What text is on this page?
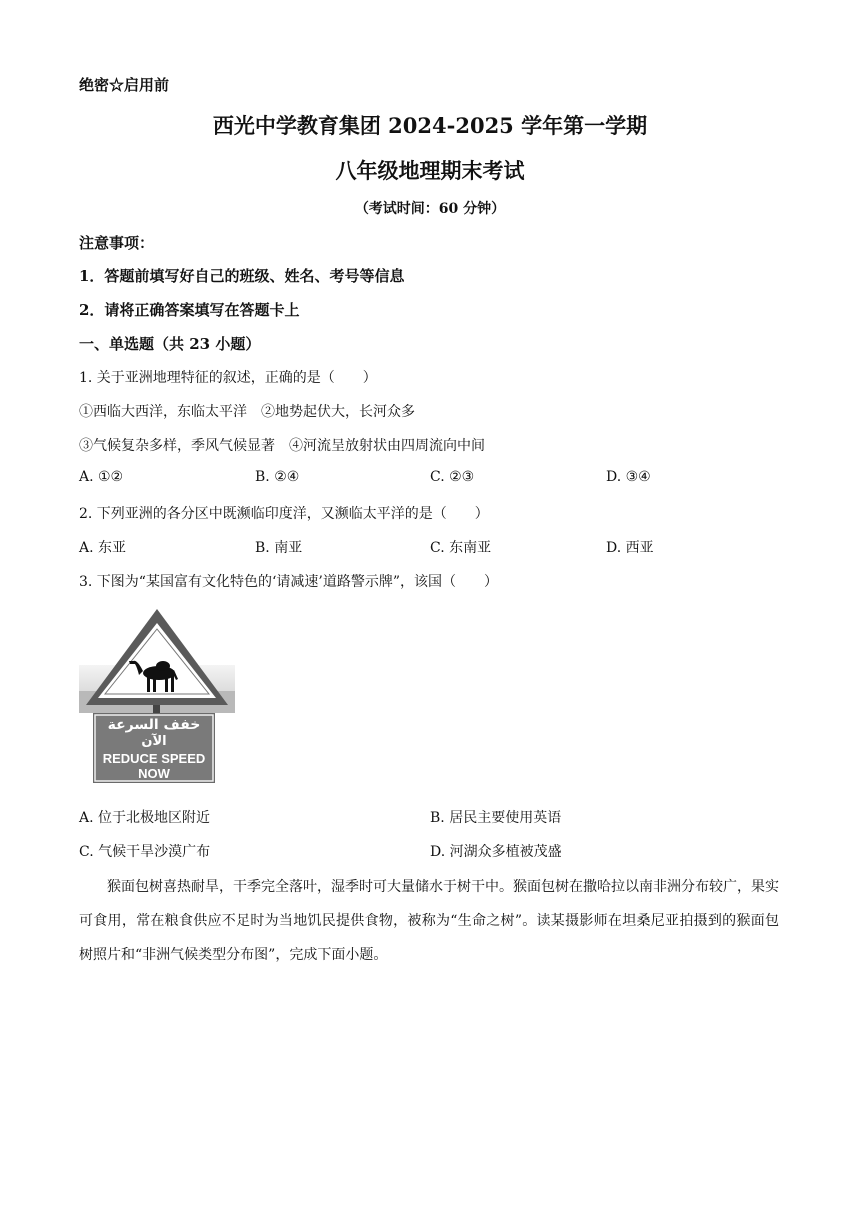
绝密☆启用前
西光中学教育集团 2024-2025 学年第一学期
八年级地理期末考试
（考试时间：60 分钟）
注意事项：
1．答题前填写好自己的班级、姓名、考号等信息
2．请将正确答案填写在答题卡上
一、单选题（共 23 小题）
1. 关于亚洲地理特征的叙述，正确的是（　　）
①西临大西洋，东临太平洋　②地势起伏大，长河众多
③气候复杂多样，季风气候显著　④河流呈放射状由四周流向中间
A. ①②	B. ②④	C. ②③	D. ③④
2. 下列亚洲的各分区中既濒临印度洋，又濒临太平洋的是（　　）
A. 东亚	B. 南亚	C. 东南亚	D. 西亚
3. 下图为“某国富有文化特色的‘请减速’道路警示牌”，该国（　　）
خفف السرعة
الآن
REDUCE SPEED
NOW
A. 位于北极地区附近	B. 居民主要使用英语
C. 气候干旱沙漠广布	D. 河湖众多植被茂盛
猴面包树喜热耐旱，干季完全落叶，湿季时可大量储水于树干中。猴面包树在撒哈拉以南非洲分布较广，果实可食用，常在粮食供应不足时为当地饥民提供食物，被称为“生命之树”。读某摄影师在坦桑尼亚拍摄到的猴面包树照片和“非洲气候类型分布图”，完成下面小题。
